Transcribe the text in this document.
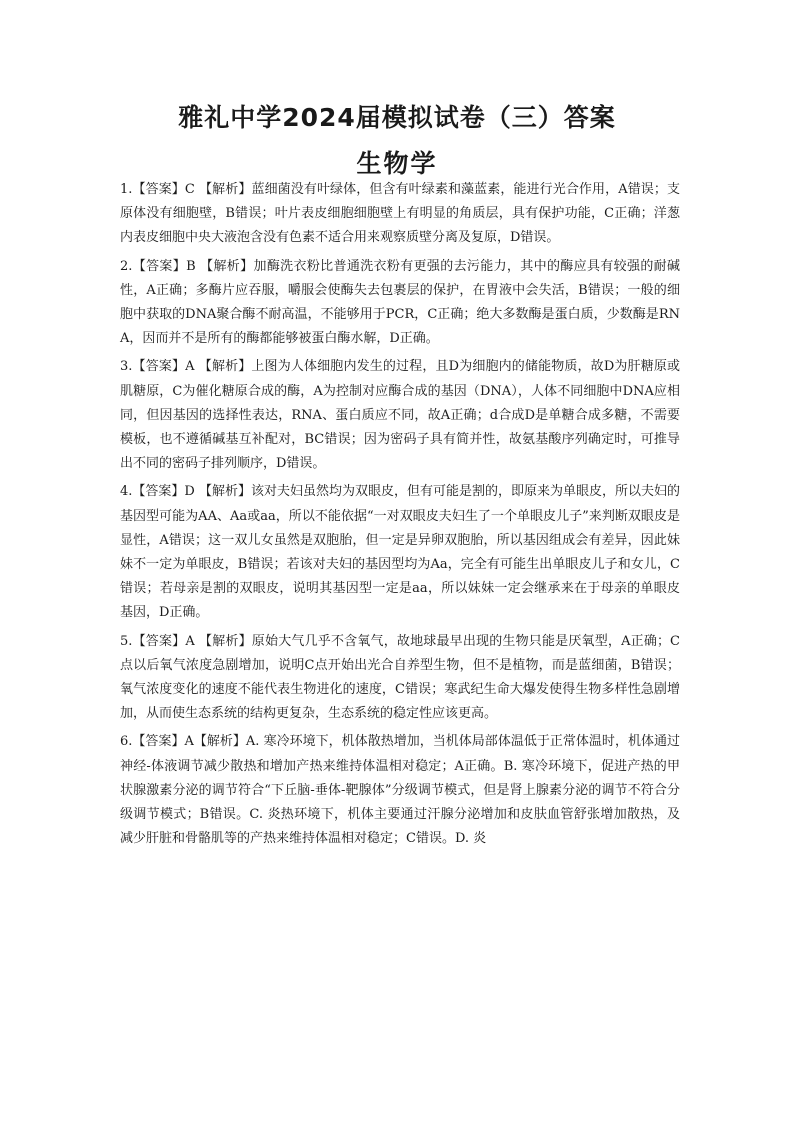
雅礼中学2024届模拟试卷（三）答案
生物学

1.【答案】C 【解析】蓝细菌没有叶绿体，但含有叶绿素和藻蓝素，能进行光合作用，A错误；支原体没有细胞壁，B错误；叶片表皮细胞细胞壁上有明显的角质层，具有保护功能，C正确；洋葱内表皮细胞中央大液泡含没有色素不适合用来观察质壁分离及复原，D错误。

2.【答案】B 【解析】加酶洗衣粉比普通洗衣粉有更强的去污能力，其中的酶应具有较强的耐碱性，A正确；多酶片应吞服，嚼服会使酶失去包裹层的保护，在胃液中会失活，B错误；一般的细胞中获取的DNA聚合酶不耐高温，不能够用于PCR，C正确；绝大多数酶是蛋白质，少数酶是RNA，因而并不是所有的酶都能够被蛋白酶水解，D正确。

3.【答案】A 【解析】上图为人体细胞内发生的过程，且D为细胞内的储能物质，故D为肝糖原或肌糖原，C为催化糖原合成的酶，A为控制对应酶合成的基因（DNA），人体不同细胞中DNA应相同，但因基因的选择性表达，RNA、蛋白质应不同，故A正确；d合成D是单糖合成多糖，不需要模板，也不遵循碱基互补配对，BC错误；因为密码子具有简并性，故氨基酸序列确定时，可推导出不同的密码子排列顺序，D错误。

4.【答案】D 【解析】该对夫妇虽然均为双眼皮，但有可能是割的，即原来为单眼皮，所以夫妇的基因型可能为AA、Aa或aa，所以不能依据“一对双眼皮夫妇生了一个单眼皮儿子”来判断双眼皮是显性，A错误；这一双儿女虽然是双胞胎，但一定是异卵双胞胎，所以基因组成会有差异，因此妹妹不一定为单眼皮，B错误；若该对夫妇的基因型均为Aa，完全有可能生出单眼皮儿子和女儿，C错误；若母亲是割的双眼皮，说明其基因型一定是aa，所以妹妹一定会继承来在于母亲的单眼皮基因，D正确。

5.【答案】A 【解析】原始大气几乎不含氧气，故地球最早出现的生物只能是厌氧型，A正确；C点以后氧气浓度急剧增加，说明C点开始出光合自养型生物，但不是植物，而是蓝细菌，B错误；氧气浓度变化的速度不能代表生物进化的速度，C错误；寒武纪生命大爆发使得生物多样性急剧增加，从而使生态系统的结构更复杂，生态系统的稳定性应该更高。

6.【答案】A【解析】A. 寒冷环境下，机体散热增加，当机体局部体温低于正常体温时，机体通过神经-体液调节减少散热和增加产热来维持体温相对稳定；A正确。B. 寒冷环境下，促进产热的甲状腺激素分泌的调节符合“下丘脑-垂体-靶腺体”分级调节模式，但是肾上腺素分泌的调节不符合分级调节模式；B错误。C. 炎热环境下，机体主要通过汗腺分泌增加和皮肤血管舒张增加散热，及减少肝脏和骨骼肌等的产热来维持体温相对稳定；C错误。D. 炎
